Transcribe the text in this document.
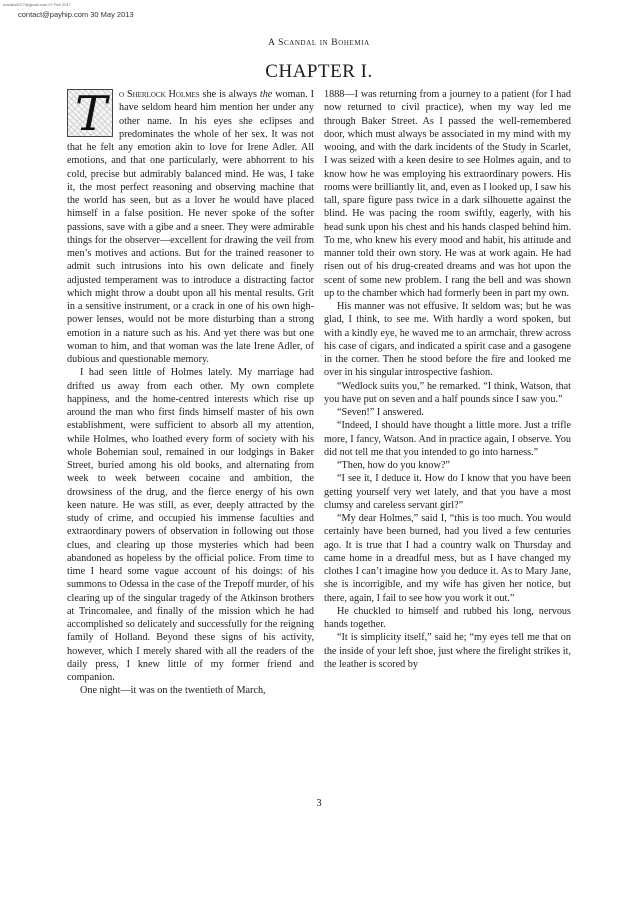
marlieu4977@gmail.com 07 Feb 2017
contact@payhip.com 30 May 2013
A Scandal in Bohemia
CHAPTER I.

T	o Sherlock Holmes she is always the woman. I have seldom heard him mention her under any other name. In his eyes she eclipses and predominates the whole of her sex. It was not that he felt any emotion akin to love for Irene Adler. All emotions, and that one particularly, were abhorrent to his cold, precise but admirably balanced mind. He was, I take it, the most perfect reasoning and observing machine that the world has seen, but as a lover he would have placed himself in a false position. He never spoke of the softer passions, save with a gibe and a sneer. They were admirable things for the observer—excellent for drawing the veil from men’s motives and actions. But for the trained reasoner to admit such intrusions into his own delicate and finely adjusted temperament was to introduce a distracting factor which might throw a doubt upon all his mental results. Grit in a sensitive instrument, or a crack in one of his own high-power lenses, would not be more disturbing than a strong emotion in a nature such as his. And yet there was but one woman to him, and that woman was the late Irene Adler, of dubious and questionable memory.

I had seen little of Holmes lately. My marriage had drifted us away from each other. My own complete happiness, and the home-centred interests which rise up around the man who first finds himself master of his own establishment, were sufficient to absorb all my attention, while Holmes, who loathed every form of society with his whole Bohemian soul, remained in our lodgings in Baker Street, buried among his old books, and alternating from week to week between cocaine and ambition, the drowsiness of the drug, and the fierce energy of his own keen nature. He was still, as ever, deeply attracted by the study of crime, and occupied his immense faculties and extraordinary powers of observation in following out those clues, and clearing up those mysteries which had been abandoned as hopeless by the official police. From time to time I heard some vague account of his doings: of his summons to Odessa in the case of the Trepoff murder, of his clearing up of the singular tragedy of the Atkinson brothers at Trincomalee, and finally of the mission which he had accomplished so delicately and successfully for the reigning family of Holland. Beyond these signs of his activity, however, which I merely shared with all the readers of the daily press, I knew little of my former friend and companion.

One night—it was on the twentieth of March,

1888—I was returning from a journey to a patient (for I had now returned to civil practice), when my way led me through Baker Street. As I passed the well-remembered door, which must always be associated in my mind with my wooing, and with the dark incidents of the Study in Scarlet, I was seized with a keen desire to see Holmes again, and to know how he was employing his extraordinary powers. His rooms were brilliantly lit, and, even as I looked up, I saw his tall, spare figure pass twice in a dark silhouette against the blind. He was pacing the room swiftly, eagerly, with his head sunk upon his chest and his hands clasped behind him. To me, who knew his every mood and habit, his attitude and manner told their own story. He was at work again. He had risen out of his drug-created dreams and was hot upon the scent of some new problem. I rang the bell and was shown up to the chamber which had formerly been in part my own.

His manner was not effusive. It seldom was; but he was glad, I think, to see me. With hardly a word spoken, but with a kindly eye, he waved me to an armchair, threw across his case of cigars, and indicated a spirit case and a gasogene in the corner. Then he stood before the fire and looked me over in his singular introspective fashion.

“Wedlock suits you,” he remarked. “I think, Watson, that you have put on seven and a half pounds since I saw you.”

“Seven!” I answered.

“Indeed, I should have thought a little more. Just a trifle more, I fancy, Watson. And in practice again, I observe. You did not tell me that you intended to go into harness.”

“Then, how do you know?”

“I see it, I deduce it. How do I know that you have been getting yourself very wet lately, and that you have a most clumsy and careless servant girl?”

“My dear Holmes,” said I, “this is too much. You would certainly have been burned, had you lived a few centuries ago. It is true that I had a country walk on Thursday and came home in a dreadful mess, but as I have changed my clothes I can’t imagine how you deduce it. As to Mary Jane, she is incorrigible, and my wife has given her notice, but there, again, I fail to see how you work it out.”

He chuckled to himself and rubbed his long, nervous hands together.

“It is simplicity itself,” said he; “my eyes tell me that on the inside of your left shoe, just where the firelight strikes it, the leather is scored by

3
